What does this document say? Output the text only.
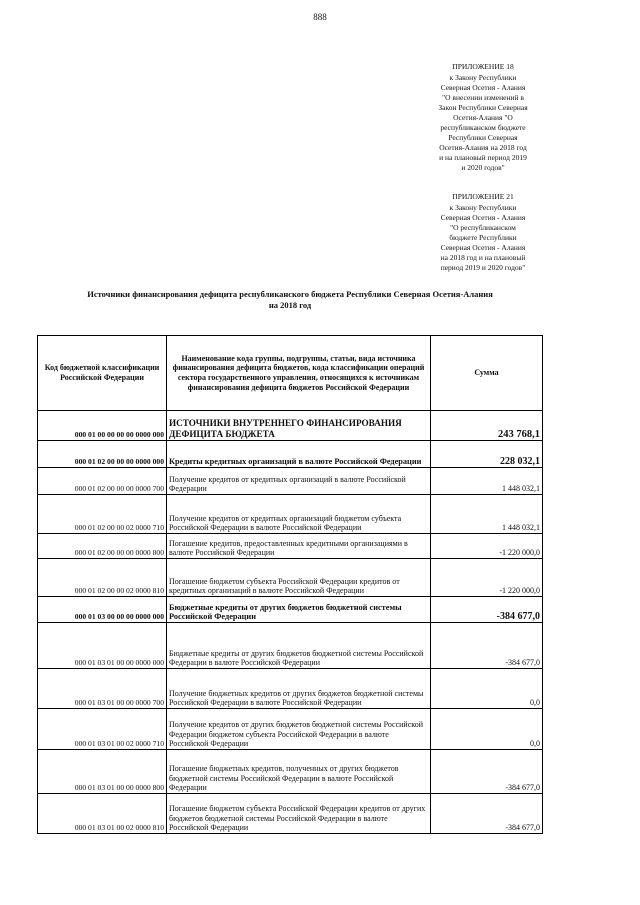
888
ПРИЛОЖЕНИЕ 18
к Закону Республики
Северная Осетия - Алания
"О внесении изменений в
Закон Республики Северная
Осетия-Алания "О
республиканском бюджете
Республики Северная
Осетия-Алания на 2018 год
и на плановый период 2019
и 2020 годов"
ПРИЛОЖЕНИЕ 21
к Закону Республики
Северная Осетия - Алания
"О республиканском
бюджете Республики
Северная Осетия - Алания
на 2018 год и на плановый
период 2019 и 2020 годов"
Источники финансирования дефицита республиканского бюджета Республики Северная Осетия-Алания
на 2018 год
Код бюджетной классификации Российской Федерации	Наименование кода группы, подгруппы, статьи, вида источника финансирования дефицита бюджетов, кода классификации операций сектора государственного управления, относящихся к источникам финансирования дефицита бюджетов Российской Федерации	Сумма
000 01 00 00 00 00 0000 000	ИСТОЧНИКИ ВНУТРЕННЕГО ФИНАНСИРОВАНИЯ ДЕФИЦИТА БЮДЖЕТА	243 768,1
000 01 02 00 00 00 0000 000	Кредиты кредитных организаций в валюте Российской Федерации	228 032,1
000 01 02 00 00 00 0000 700	Получение кредитов от кредитных организаций в валюте Российской Федерации	1 448 032,1
000 01 02 00 00 02 0000 710	Получение кредитов от кредитных организаций бюджетом субъекта Российской Федерации в валюте Российской Федерации	1 448 032,1
000 01 02 00 00 00 0000 800	Погашение кредитов, предоставленных кредитными организациями в валюте Российской Федерации	-1 220 000,0
000 01 02 00 00 02 0000 810	Погашение бюджетом субъекта Российской Федерации кредитов от кредитных организаций в валюте Российской Федерации	-1 220 000,0
000 01 03 00 00 00 0000 000	Бюджетные кредиты от других бюджетов бюджетной системы Российской Федерации	-384 677,0
000 01 03 01 00 00 0000 000	Бюджетные кредиты от других бюджетов бюджетной системы Российской Федерации в валюте Российской Федерации	-384 677,0
000 01 03 01 00 00 0000 700	Получение бюджетных кредитов от других бюджетов бюджетной системы Российской Федерации в валюте Российской Федерации	0,0
000 01 03 01 00 02 0000 710	Получение кредитов от других бюджетов бюджетной системы Российской Федерации бюджетом субъекта Российской Федерации в валюте Российской Федерации	0,0
000 01 03 01 00 00 0000 800	Погашение бюджетных кредитов, полученных от других бюджетов бюджетной системы Российской Федерации в валюте Российской Федерации	-384 677,0
000 01 03 01 00 02 0000 810	Погашение бюджетом субъекта Российской Федерации кредитов от других бюджетов бюджетной системы Российской Федерации в валюте Российской Федерации	-384 677,0
